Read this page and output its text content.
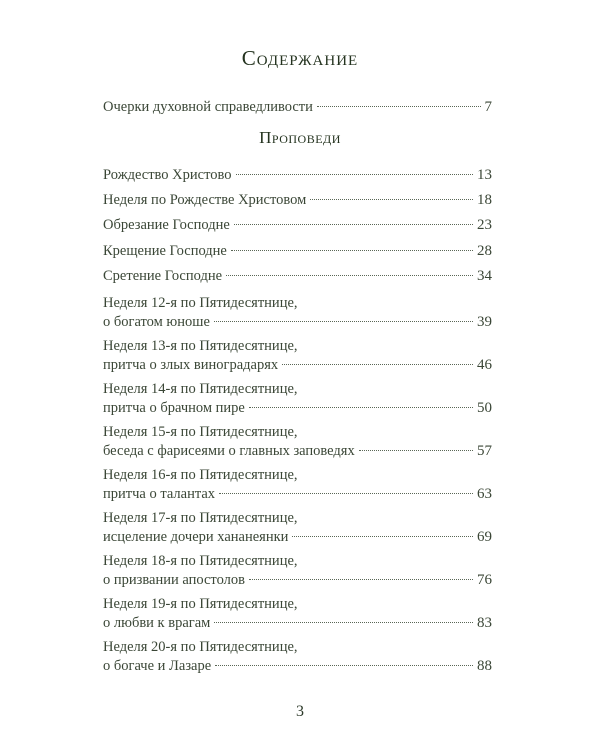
Содержание
Очерки духовной справедливости	7
Проповеди
Рождество Христово	13
Неделя по Рождестве Христовом	18
Обрезание Господне	23
Крещение Господне	28
Сретение Господне	34
Неделя 12-я по Пятидесятнице,
о богатом юноше	39
Неделя 13-я по Пятидесятнице,
притча о злых виноградарях	46
Неделя 14-я по Пятидесятнице,
притча о брачном пире	50
Неделя 15-я по Пятидесятнице,
беседа с фарисеями о главных заповедях	57
Неделя 16-я по Пятидесятнице,
притча о талантах	63
Неделя 17-я по Пятидесятнице,
исцеление дочери хананеянки	69
Неделя 18-я по Пятидесятнице,
о призвании апостолов	76
Неделя 19-я по Пятидесятнице,
о любви к врагам	83
Неделя 20-я по Пятидесятнице,
о богаче и Лазаре	88
3
